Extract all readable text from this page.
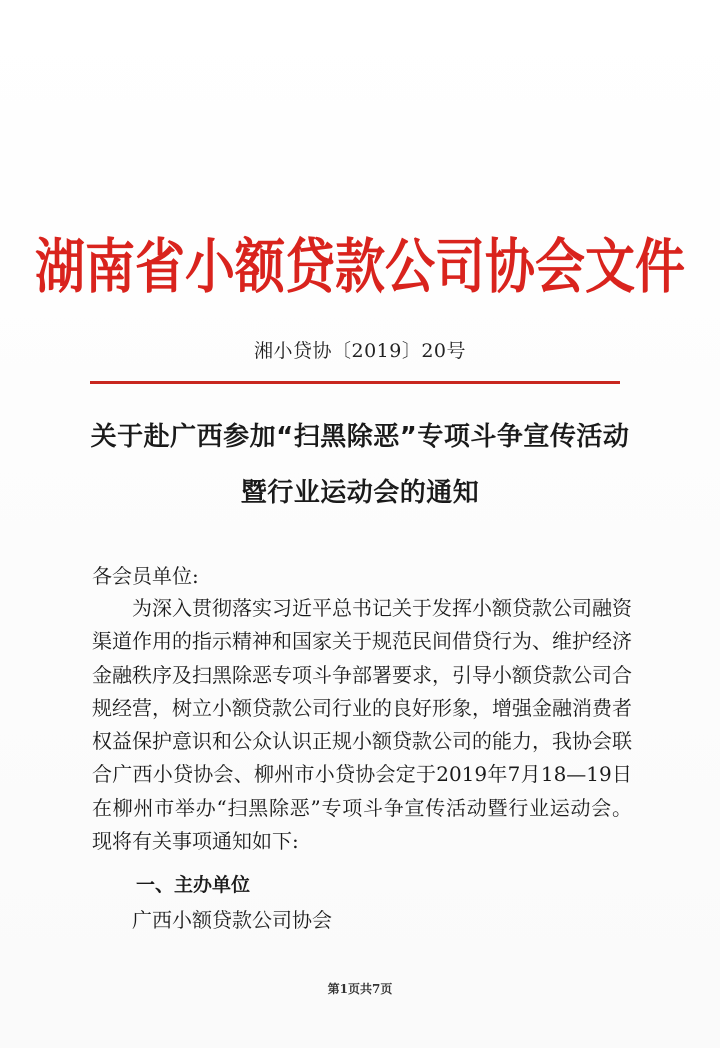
湖南省小额贷款公司协会文件
湘小贷协〔2019〕20号
关于赴广西参加“扫黑除恶”专项斗争宣传活动
暨行业运动会的通知
各会员单位:

为深入贯彻落实习近平总书记关于发挥小额贷款公司融资渠道作用的指示精神和国家关于规范民间借贷行为、维护经济金融秩序及扫黑除恶专项斗争部署要求，引导小额贷款公司合规经营，树立小额贷款公司行业的良好形象，增强金融消费者权益保护意识和公众认识正规小额贷款公司的能力，我协会联合广西小贷协会、柳州市小贷协会定于2019年7月18—19日在柳州市举办“扫黑除恶”专项斗争宣传活动暨行业运动会。现将有关事项通知如下:

一、主办单位
广西小额贷款公司协会
第1页共7页
